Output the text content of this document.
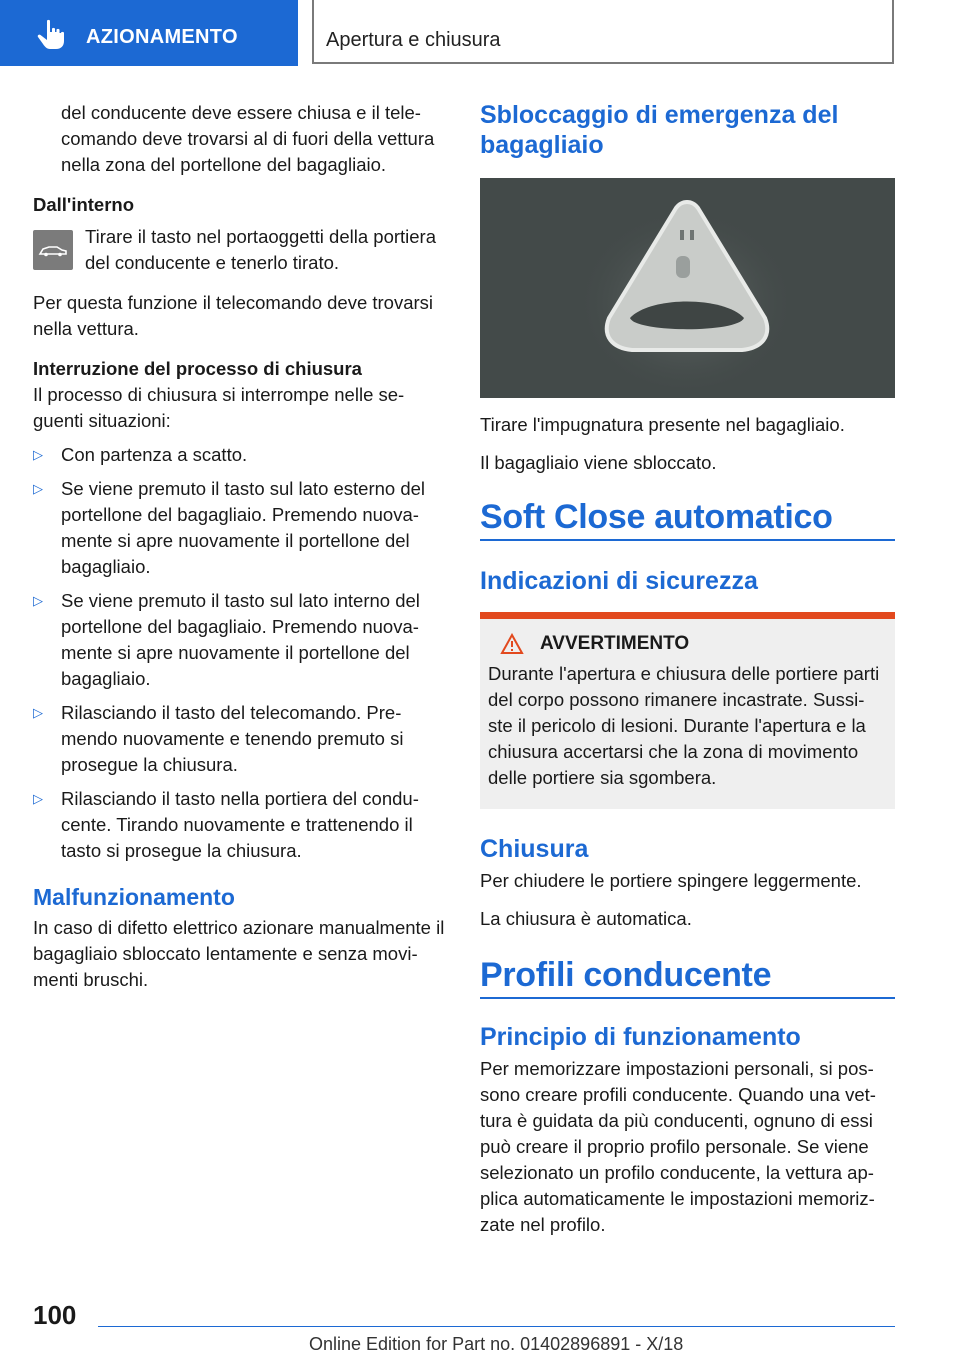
AZIONAMENTO	Apertura e chiusura

del conducente deve essere chiusa e il tele‐ comando deve trovarsi al di fuori della vettura nella zona del portellone del bagagliaio.

Dall'interno

Tirare il tasto nel portaoggetti della portiera del conducente e tenerlo tirato.

Per questa funzione il telecomando deve trovarsi nella vettura.

Interruzione del processo di chiusura

Il processo di chiusura si interrompe nelle se‐ guenti situazioni:

▷ Con partenza a scatto.
▷ Se viene premuto il tasto sul lato esterno del portellone del bagagliaio. Premendo nuova‐ mente si apre nuovamente il portellone del bagagliaio.
▷ Se viene premuto il tasto sul lato interno del portellone del bagagliaio. Premendo nuova‐ mente si apre nuovamente il portellone del bagagliaio.
▷ Rilasciando il tasto del telecomando. Pre‐ mendo nuovamente e tenendo premuto si prosegue la chiusura.
▷ Rilasciando il tasto nella portiera del condu‐ cente. Tirando nuovamente e trattenendo il tasto si prosegue la chiusura.
Malfunzionamento

In caso di difetto elettrico azionare manualmente il bagagliaio sbloccato lentamente e senza movi‐ menti bruschi.

Sbloccaggio di emergenza del bagagliaio

Tirare l'impugnatura presente nel bagagliaio.

Il bagagliaio viene sbloccato.

Soft Close automatico
Indicazioni di sicurezza
AVVERTIMENTO

Durante l'apertura e chiusura delle portiere parti del corpo possono rimanere incastrate. Sussi‐ ste il pericolo di lesioni. Durante l'apertura e la chiusura accertarsi che la zona di movimento delle portiere sia sgombera.

Chiusura

Per chiudere le portiere spingere leggermente.

La chiusura è automatica.

Profili conducente
Principio di funzionamento

Per memorizzare impostazioni personali, si pos‐ sono creare profili conducente. Quando una vet‐ tura è guidata da più conducenti, ognuno di essi può creare il proprio profilo personale. Se viene selezionato un profilo conducente, la vettura ap‐ plica automaticamente le impostazioni memoriz‐ zate nel profilo.

100
Online Edition for Part no. 01402896891 - X/18
